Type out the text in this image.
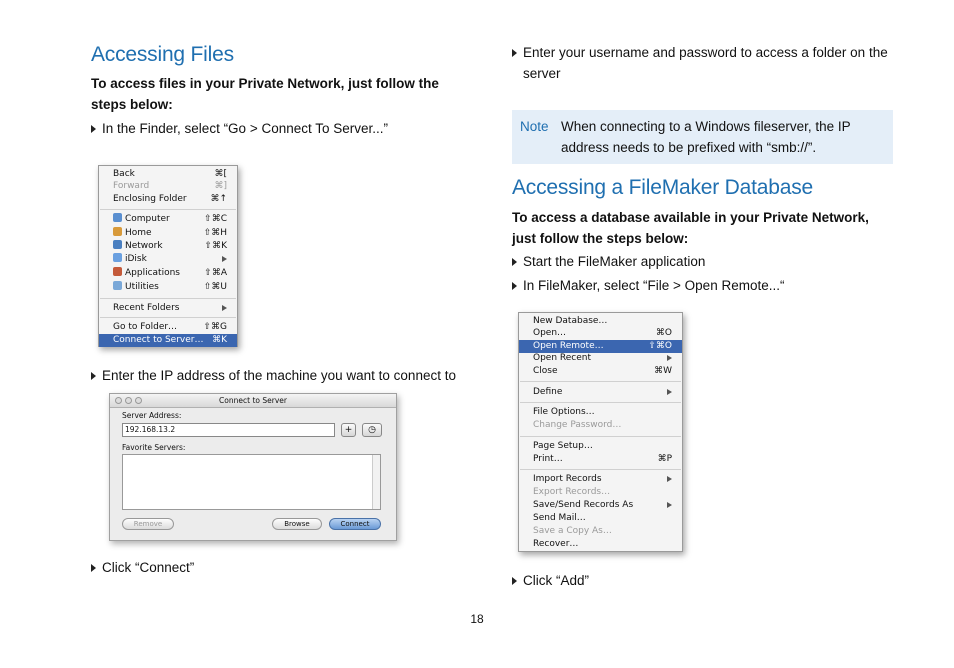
Accessing Files
To access files in your Private Network, just follow the steps below:
In the Finder, select “Go > Connect To Server...”
Back	⌘[
Forward	⌘]
Enclosing Folder	⌘↑
Computer	⇧⌘C
Home	⇧⌘H
Network	⇧⌘K
iDisk
Applications	⇧⌘A
Utilities	⇧⌘U
Recent Folders
Go to Folder…	⇧⌘G
Connect to Server… ⌘K
Enter the IP address of the machine you want to connect to
Connect to Server
Server Address:
192.168.13.2	+	◷
Favorite Servers:
Remove	Browse	Connect
Click “Connect”
Enter your username and password to access a folder on the server
Note When connecting to a Windows fileserver, the IP address needs to be prefixed with “smb://”.
Accessing a FileMaker Database
To access a database available in your Private Network, just follow the steps below:
Start the FileMaker application
In FileMaker, select “File > Open Remote...“
New Database…
Open…	⌘O
Open Remote…	⇧⌘O
Open Recent
Close	⌘W
Define
File Options…
Change Password…
Page Setup…
Print…	⌘P
Import Records
Export Records…
Save/Send Records As
Send Mail…
Save a Copy As…
Recover…
Click “Add”
18
